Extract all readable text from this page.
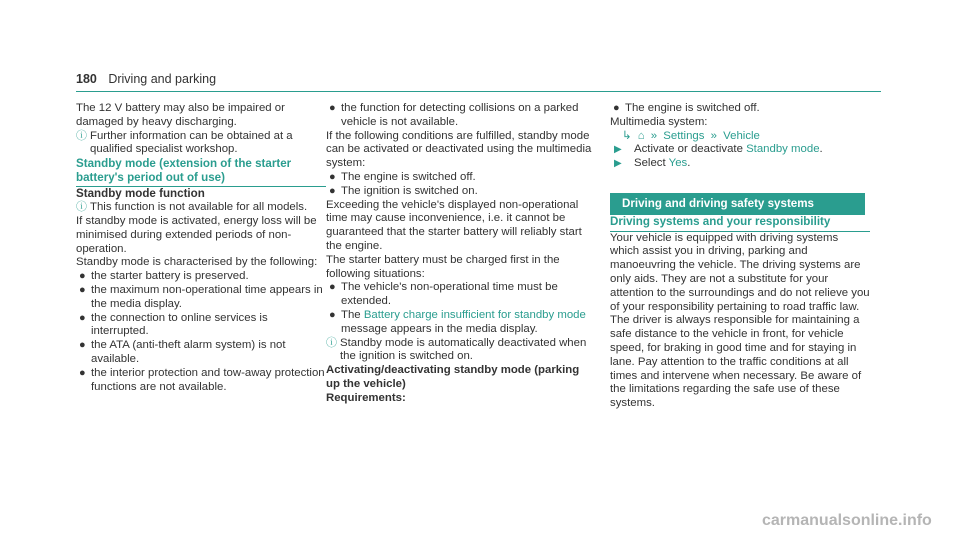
180 Driving and parking

The 12 V battery may also be impaired or damaged by heavy discharging.

ⓘ Further information can be obtained at a qualified specialist workshop.

Standby mode (extension of the starter battery's period out of use)

Standby mode function

ⓘ This function is not available for all models.

If standby mode is activated, energy loss will be minimised during extended periods of non-operation.

Standby mode is characterised by the following:

● the starter battery is preserved.

● the maximum non-operational time appears in the media display.

● the connection to online services is interrupted.

● the ATA (anti-theft alarm system) is not available.

● the interior protection and tow-away protection functions are not available.

● the function for detecting collisions on a parked vehicle is not available.

If the following conditions are fulfilled, standby mode can be activated or deactivated using the multimedia system:

● The engine is switched off.

● The ignition is switched on.

Exceeding the vehicle's displayed non-operational time may cause inconvenience, i.e. it cannot be guaranteed that the starter battery will reliably start the engine.

The starter battery must be charged first in the following situations:

● The vehicle's non-operational time must be extended.

● The Battery charge insufficient for standby mode message appears in the media display.

ⓘ Standby mode is automatically deactivated when the ignition is switched on.

Activating/deactivating standby mode (parking up the vehicle)

Requirements:

● The engine is switched off.

Multimedia system:

↳ ⌂ » Settings » Vehicle

▶ Activate or deactivate Standby mode.

▶ Select Yes.

Driving and driving safety systems

Driving systems and your responsibility

Your vehicle is equipped with driving systems which assist you in driving, parking and manoeuvring the vehicle. The driving systems are only aids. They are not a substitute for your attention to the surroundings and do not relieve you of your responsibility pertaining to road traffic law. The driver is always responsible for maintaining a safe distance to the vehicle in front, for vehicle speed, for braking in good time and for staying in lane. Pay attention to the traffic conditions at all times and intervene when necessary. Be aware of the limitations regarding the safe use of these systems.

carmanualsonline.info
